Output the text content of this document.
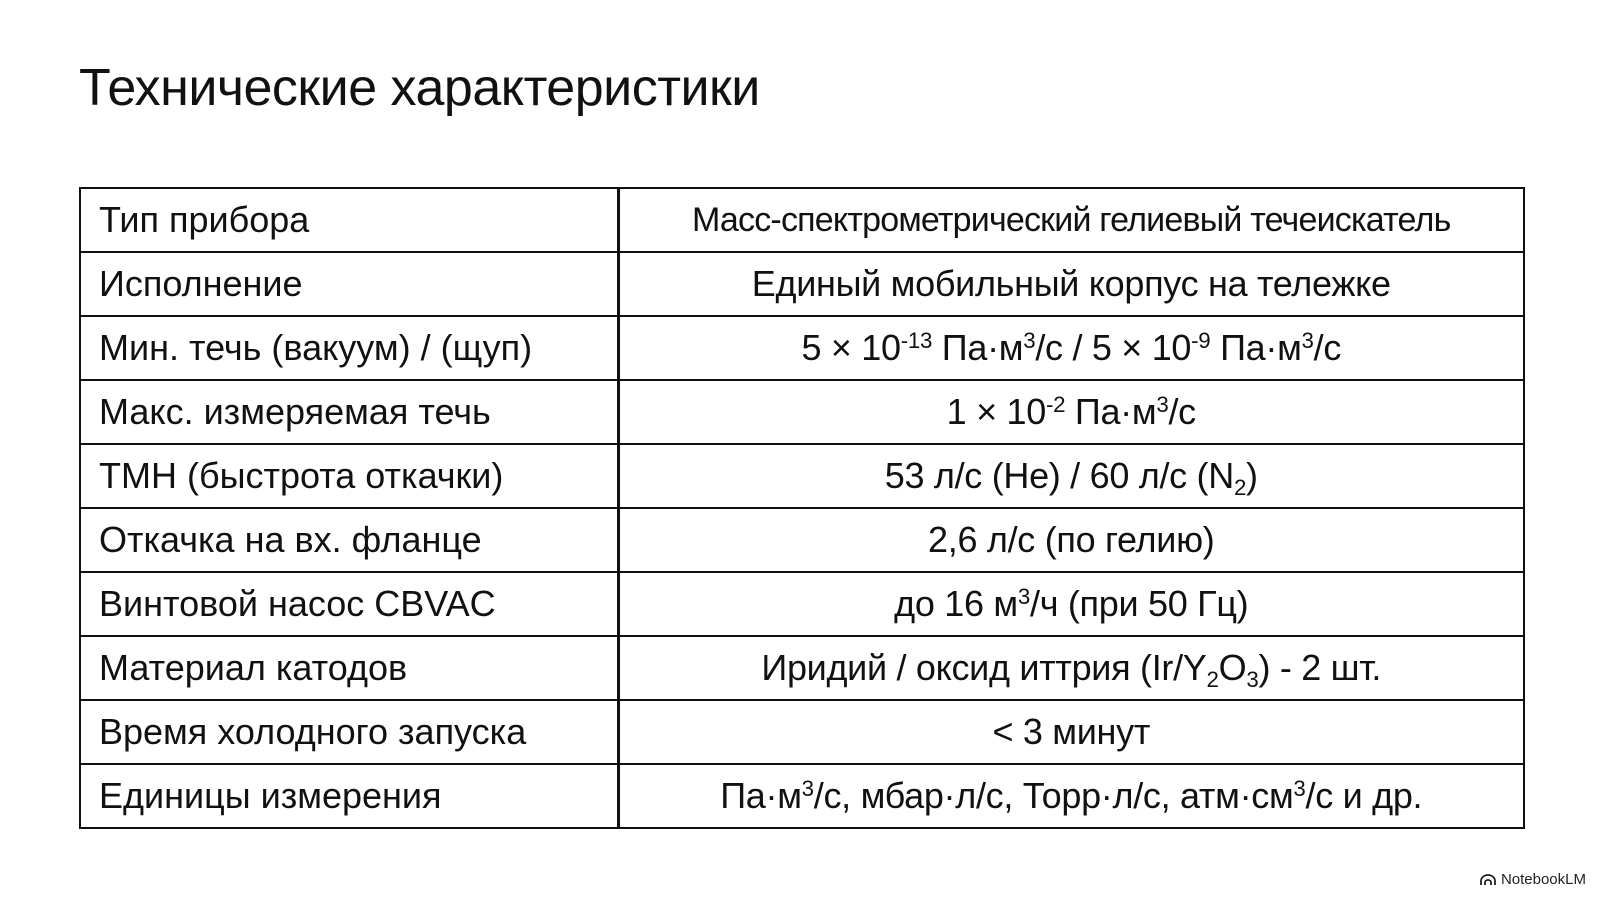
Технические характеристики
Тип прибора	Масс-спектрометрический гелиевый течеискатель
Исполнение	Единый мобильный корпус на тележке
Мин. течь (вакуум) / (щуп)	$5 \times 10^{-13}$ $Па\cdot м^3/с / 5 \times 10^{-9}$ $Па\cdot м^3/с$
Макс. измеряемая течь	$1 \times 10^{-2}$ $Па\cdot м^3/с$
ТМН (быстрота откачки)	53 л/с (He) / 60 л/с $(N_2)$
Откачка на вх. фланце	2,6 л/с (по гелию)
Винтовой насос CBVAC	до 16 $м^3/ч$ (при 50 Гц)
Материал катодов	Иридий / оксид иттрия $(Ir/Y_2O_3) - 2$ шт.
Время холодного запуска	< 3 минут
Единицы измерения	$Па\cdot м^3/с$, мбар·л/с, Торр·л/с, $атм\cdot см^3/с$ и др.
NotebookLM
